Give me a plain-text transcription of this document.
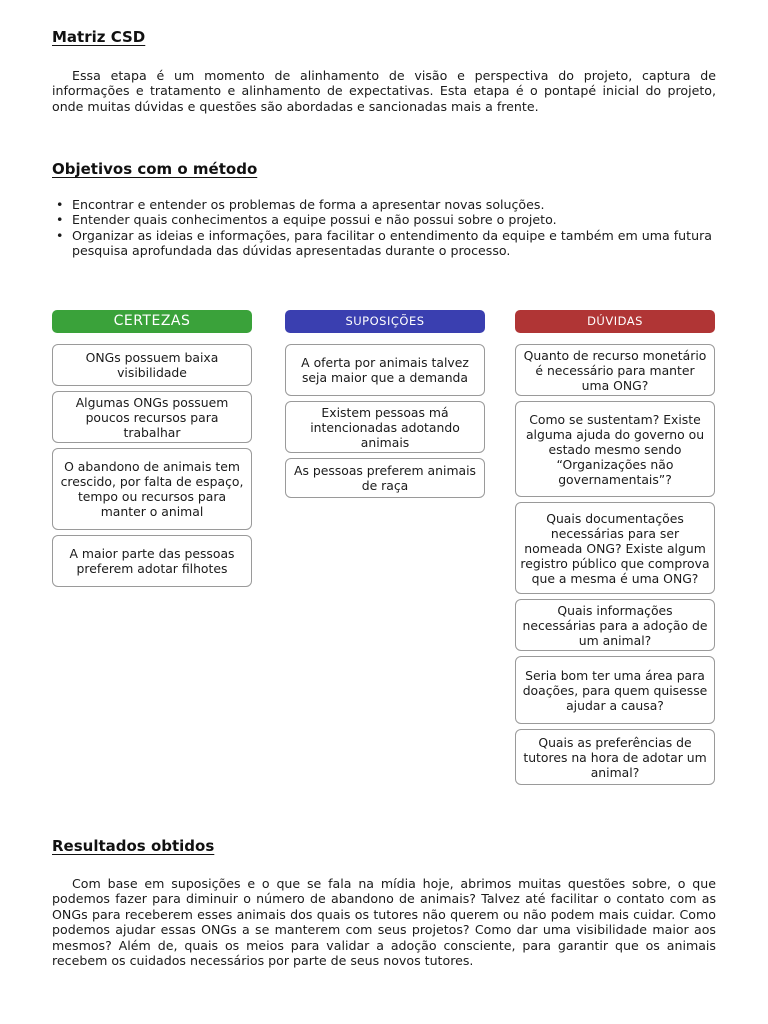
Matriz CSD

Essa etapa é um momento de alinhamento de visão e perspectiva do projeto, captura de informações e tratamento e alinhamento de expectativas. Esta etapa é o pontapé inicial do projeto, onde muitas dúvidas e questões são abordadas e sancionadas mais a frente.

Objetivos com o método
• Encontrar e entender os problemas de forma a apresentar novas soluções.
• Entender quais conhecimentos a equipe possui e não possui sobre o projeto.
• Organizar as ideias e informações, para facilitar o entendimento da equipe e também em uma futura pesquisa aprofundada das dúvidas apresentadas durante o processo.
CERTEZAS
ONGs possuem baixa visibilidade
Algumas ONGs possuem poucos recursos para trabalhar
O abandono de animais tem crescido, por falta de espaço, tempo ou recursos para manter o animal
A maior parte das pessoas preferem adotar filhotes
SUPOSIÇÕES
A oferta por animais talvez seja maior que a demanda
Existem pessoas má intencionadas adotando animais
As pessoas preferem animais de raça
DÚVIDAS
Quanto de recurso monetário é necessário para manter uma ONG?
Como se sustentam? Existe alguma ajuda do governo ou estado mesmo sendo “Organizações não governamentais”?
Quais documentações necessárias para ser nomeada ONG? Existe algum registro público que comprova que a mesma é uma ONG?
Quais informações necessárias para a adoção de um animal?
Seria bom ter uma área para doações, para quem quisesse ajudar a causa?
Quais as preferências de tutores na hora de adotar um animal?
Resultados obtidos

Com base em suposições e o que se fala na mídia hoje, abrimos muitas questões sobre, o que podemos fazer para diminuir o número de abandono de animais? Talvez até facilitar o contato com as ONGs para receberem esses animais dos quais os tutores não querem ou não podem mais cuidar. Como podemos ajudar essas ONGs a se manterem com seus projetos? Como dar uma visibilidade maior aos mesmos? Além de, quais os meios para validar a adoção consciente, para garantir que os animais recebem os cuidados necessários por parte de seus novos tutores.
